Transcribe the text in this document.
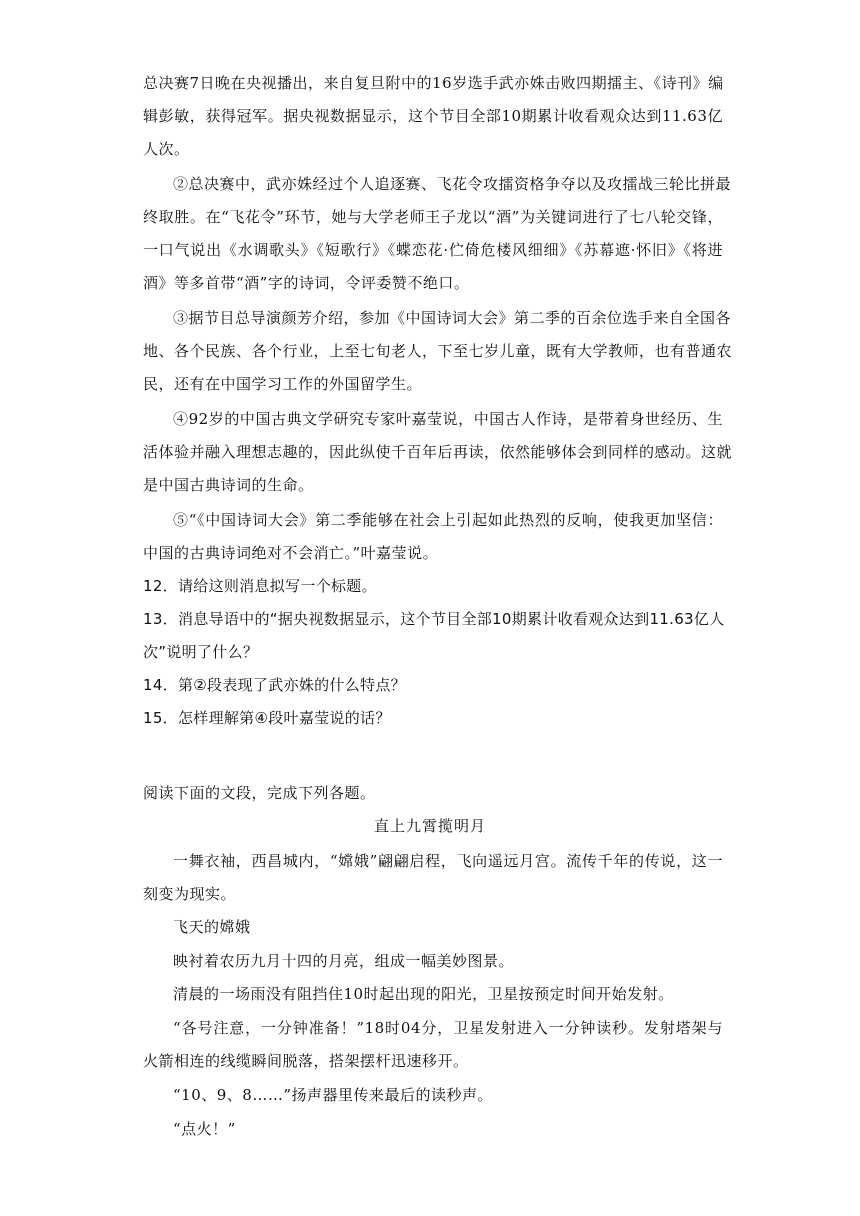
总决赛7日晚在央视播出，来自复旦附中的16岁选手武亦姝击败四期擂主、《诗刊》编
辑彭敏，获得冠军。据央视数据显示，这个节目全部10期累计收看观众达到11.63亿
人次。
②总决赛中，武亦姝经过个人追逐赛、飞花令攻擂资格争夺以及攻擂战三轮比拼最
终取胜。在“飞花令”环节，她与大学老师王子龙以“酒”为关键词进行了七八轮交锋，
一口气说出《水调歌头》《短歌行》《蝶恋花·伫倚危楼风细细》《苏幕遮·怀旧》《将进
酒》等多首带“酒”字的诗词，令评委赞不绝口。
③据节目总导演颜芳介绍，参加《中国诗词大会》第二季的百余位选手来自全国各
地、各个民族、各个行业，上至七旬老人，下至七岁儿童，既有大学教师，也有普通农
民，还有在中国学习工作的外国留学生。
④92岁的中国古典文学研究专家叶嘉莹说，中国古人作诗，是带着身世经历、生
活体验并融入理想志趣的，因此纵使千百年后再读，依然能够体会到同样的感动。这就
是中国古典诗词的生命。
⑤“《中国诗词大会》第二季能够在社会上引起如此热烈的反响，使我更加坚信：
中国的古典诗词绝对不会消亡。”叶嘉莹说。
12．请给这则消息拟写一个标题。
13．消息导语中的“据央视数据显示，这个节目全部10期累计收看观众达到11.63亿人
次”说明了什么？
14．第②段表现了武亦姝的什么特点？
15．怎样理解第④段叶嘉莹说的话？
阅读下面的文段，完成下列各题。
直上九霄揽明月
一舞衣袖，西昌城内，“嫦娥”翩翩启程，飞向遥远月宫。流传千年的传说，这一
刻变为现实。
飞天的嫦娥
映衬着农历九月十四的月亮，组成一幅美妙图景。
清晨的一场雨没有阻挡住10时起出现的阳光，卫星按预定时间开始发射。
“各号注意，一分钟准备！”18时04分，卫星发射进入一分钟读秒。发射塔架与
火箭相连的线缆瞬间脱落，搭架摆杆迅速移开。
“10、9、8……”扬声器里传来最后的读秒声。
“点火！”
